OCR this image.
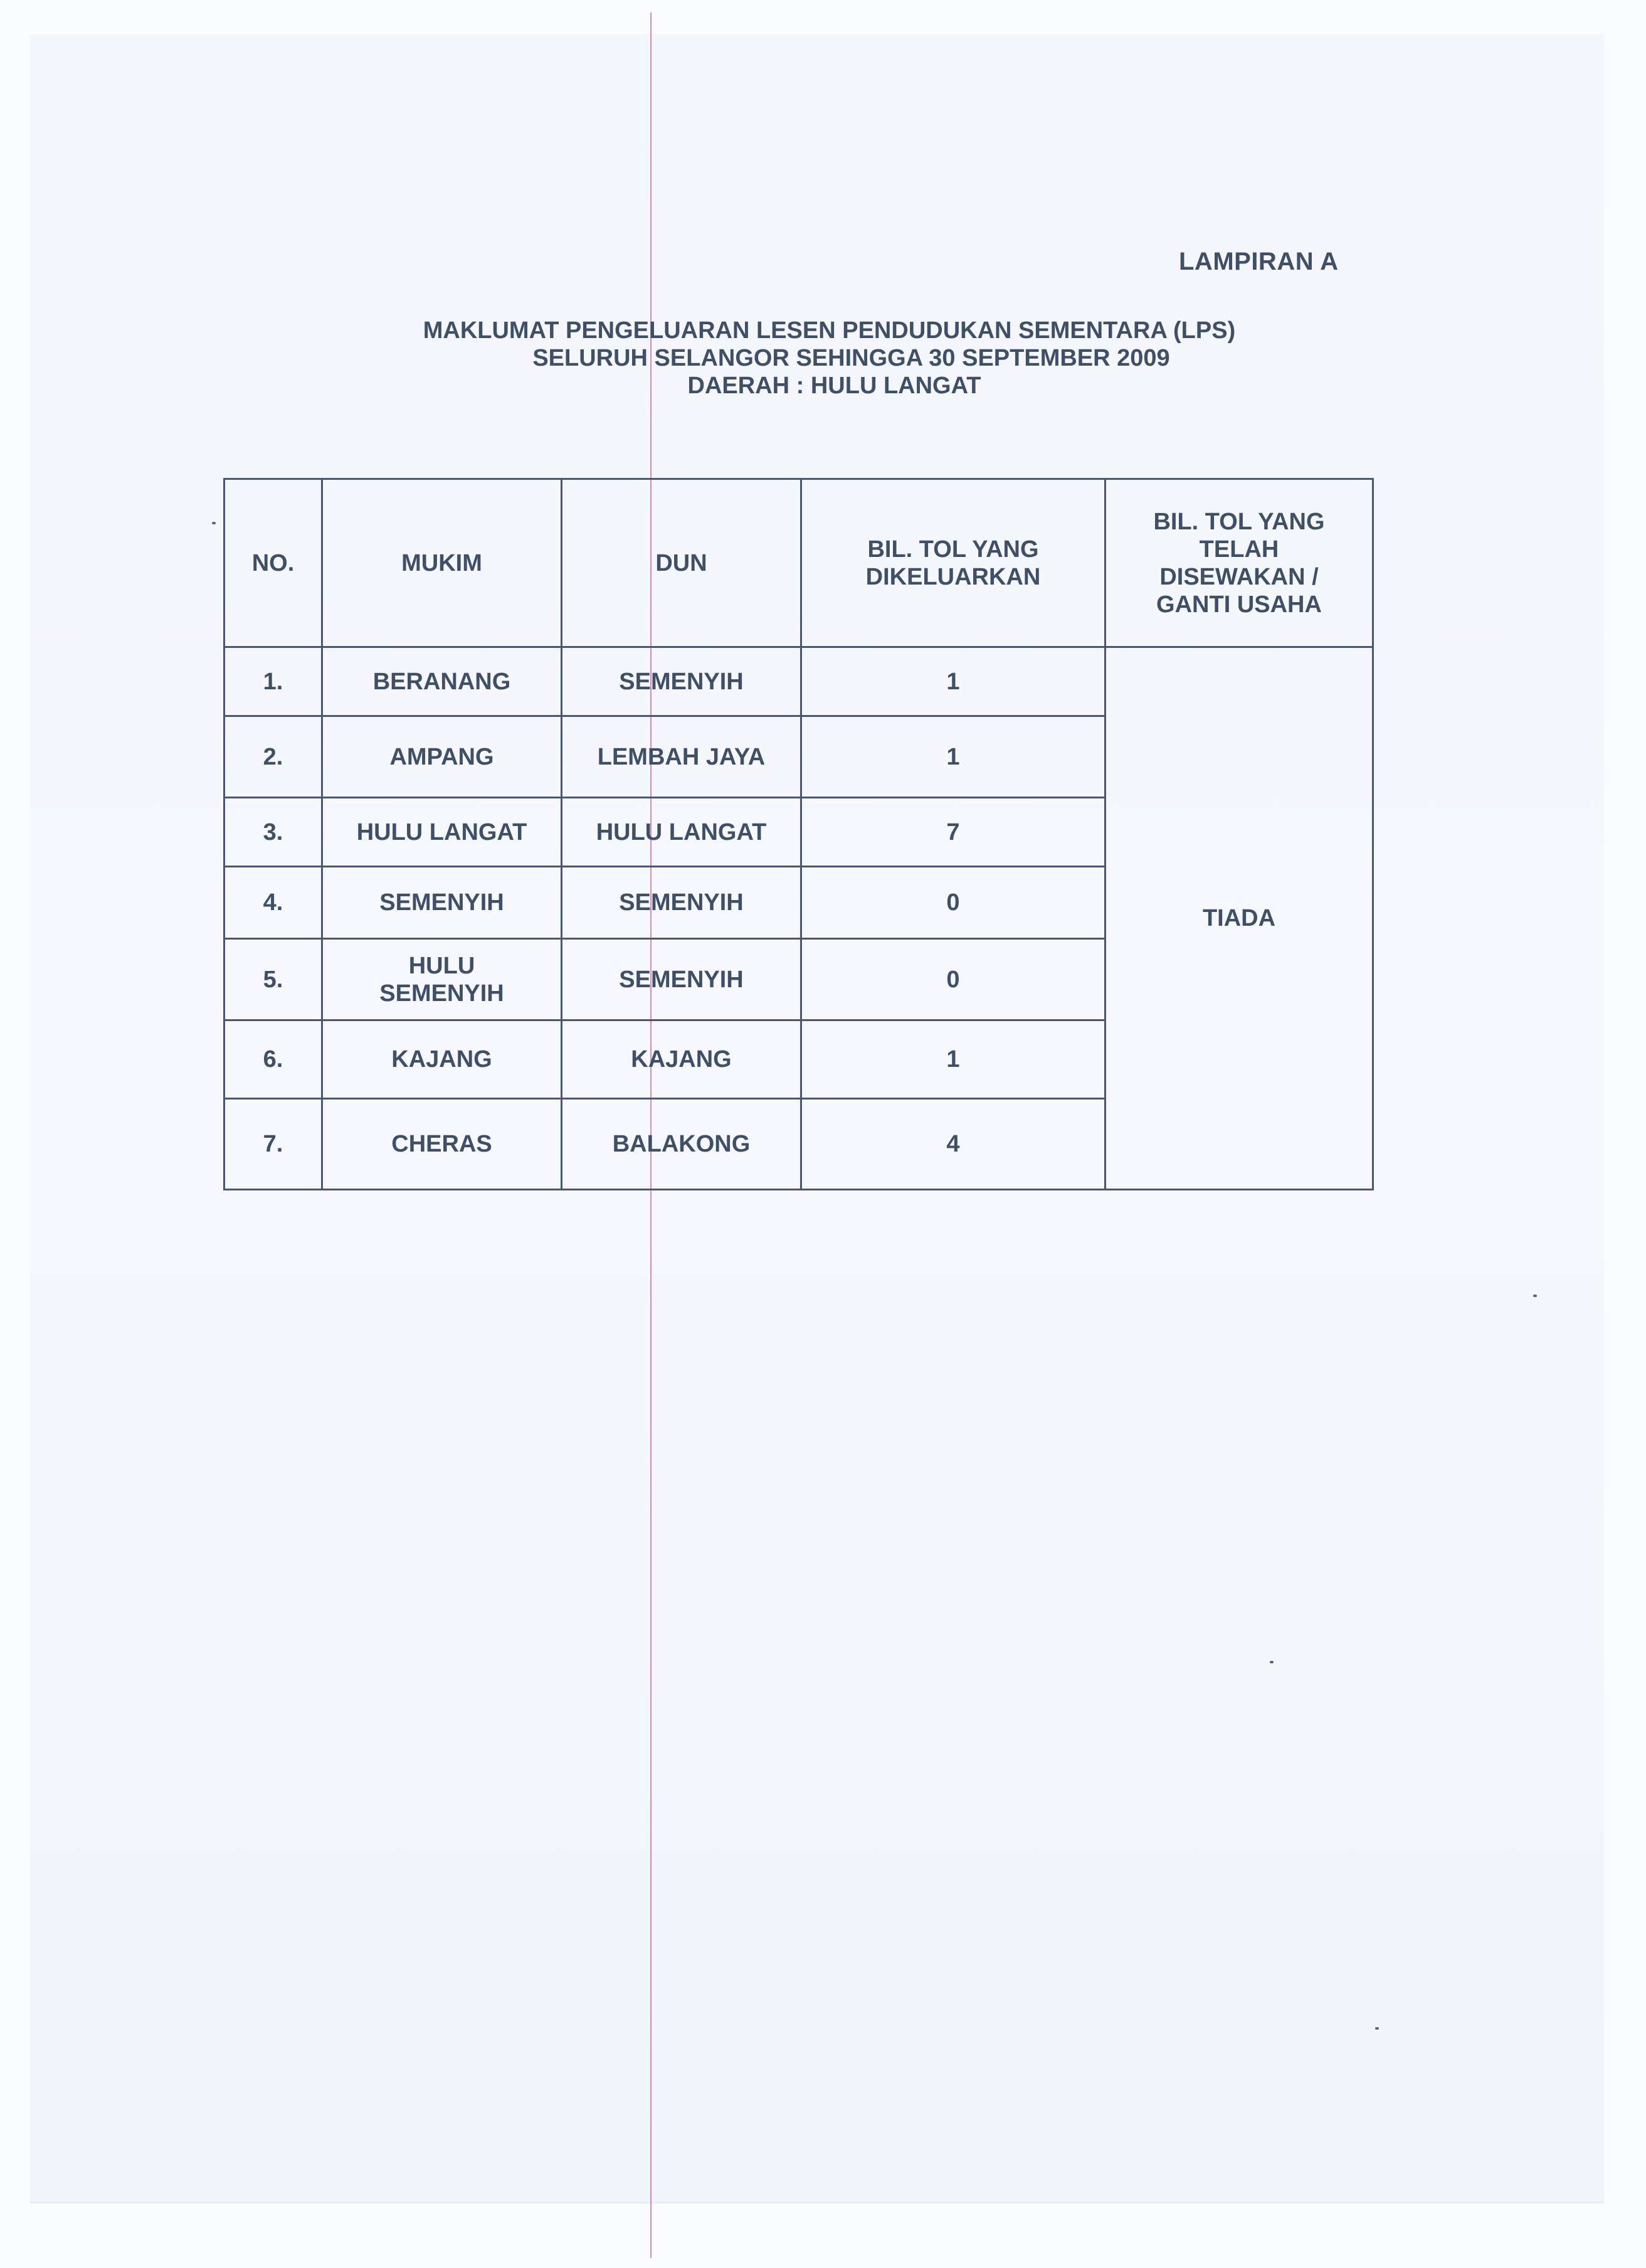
LAMPIRAN A
MAKLUMAT PENGELUARAN LESEN PENDUDUKAN SEMENTARA (LPS)
SELURUH SELANGOR SEHINGGA 30 SEPTEMBER 2009
DAERAH : HULU LANGAT
NO.	MUKIM	DUN	BIL. TOL YANG DIKELUARKAN	BIL. TOL YANG TELAH DISEWAKAN / GANTI USAHA
1.	BERANANG	SEMENYIH	1	TIADA
2.	AMPANG	LEMBAH JAYA	1	
3.	HULU LANGAT	HULU LANGAT	7	
4.	SEMENYIH	SEMENYIH	0	
5.	HULU SEMENYIH	SEMENYIH	0	
6.	KAJANG	KAJANG	1	
7.	CHERAS	BALAKONG	4	
